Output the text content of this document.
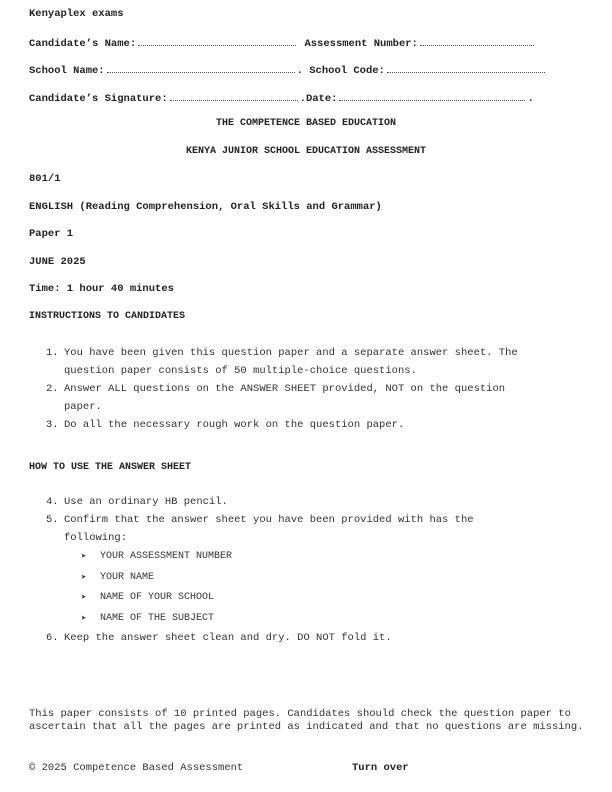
Kenyaplex exams
Candidate’s Name:	Assessment Number:
School Name:	. School Code:
Candidate’s Signature:	.Date:	.
THE COMPETENCE BASED EDUCATION
KENYA JUNIOR SCHOOL EDUCATION ASSESSMENT
801/1
ENGLISH (Reading Comprehension, Oral Skills and Grammar)
Paper 1
JUNE 2025
Time: 1 hour 40 minutes
INSTRUCTIONS TO CANDIDATES
1. You have been given this question paper and a separate answer sheet. The
question paper consists of 50 multiple-choice questions.
2. Answer ALL questions on the ANSWER SHEET provided, NOT on the question
paper.
3. Do all the necessary rough work on the question paper.
HOW TO USE THE ANSWER SHEET
4. Use an ordinary HB pencil.
5. Confirm that the answer sheet you have been provided with has the
following:
➤ YOUR ASSESSMENT NUMBER
➤ YOUR NAME
➤ NAME OF YOUR SCHOOL
➤ NAME OF THE SUBJECT
6. Keep the answer sheet clean and dry. DO NOT fold it.
This paper consists of 10 printed pages. Candidates should check the question paper to ascertain that all the pages are printed as indicated and that no questions are missing.
© 2025 Competence Based Assessment	Turn over
